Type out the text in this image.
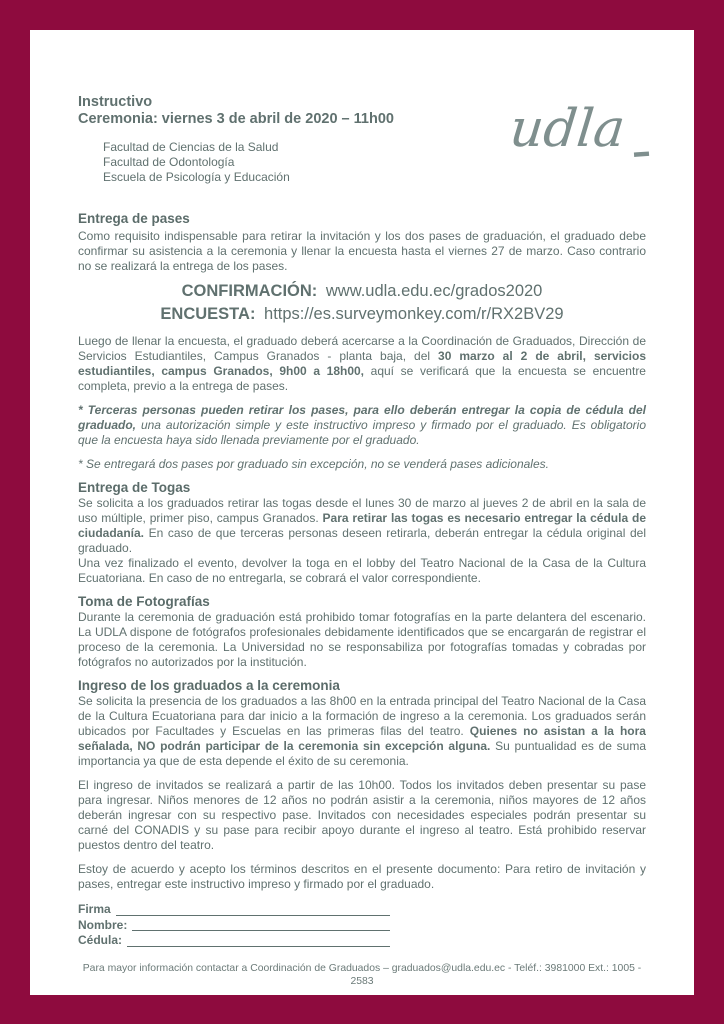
Instructivo
Ceremonia: viernes 3 de abril de 2020 – 11h00
Facultad de Ciencias de la Salud
Facultad de Odontología
Escuela de Psicología y Educación
udla
Entrega de pases

Como requisito indispensable para retirar la invitación y los dos pases de graduación, el graduado debe confirmar su asistencia a la ceremonia y llenar la encuesta hasta el viernes 27 de marzo. Caso contrario no se realizará la entrega de los pases.

CONFIRMACIÓN: www.udla.edu.ec/grados2020

ENCUESTA: https://es.surveymonkey.com/r/RX2BV29

Luego de llenar la encuesta, el graduado deberá acercarse a la Coordinación de Graduados, Dirección de Servicios Estudiantiles, Campus Granados - planta baja, del 30 marzo al 2 de abril, servicios estudiantiles, campus Granados, 9h00 a 18h00, aquí se verificará que la encuesta se encuentre completa, previo a la entrega de pases.

* Terceras personas pueden retirar los pases, para ello deberán entregar la copia de cédula del graduado, una autorización simple y este instructivo impreso y firmado por el graduado. Es obligatorio que la encuesta haya sido llenada previamente por el graduado.

* Se entregará dos pases por graduado sin excepción, no se venderá pases adicionales.

Entrega de Togas

Se solicita a los graduados retirar las togas desde el lunes 30 de marzo al jueves 2 de abril en la sala de uso múltiple, primer piso, campus Granados. Para retirar las togas es necesario entregar la cédula de ciudadanía. En caso de que terceras personas deseen retirarla, deberán entregar la cédula original del graduado.

Una vez finalizado el evento, devolver la toga en el lobby del Teatro Nacional de la Casa de la Cultura Ecuatoriana. En caso de no entregarla, se cobrará el valor correspondiente.

Toma de Fotografías

Durante la ceremonia de graduación está prohibido tomar fotografías en la parte delantera del escenario. La UDLA dispone de fotógrafos profesionales debidamente identificados que se encargarán de registrar el proceso de la ceremonia. La Universidad no se responsabiliza por fotografías tomadas y cobradas por fotógrafos no autorizados por la institución.

Ingreso de los graduados a la ceremonia

Se solicita la presencia de los graduados a las 8h00 en la entrada principal del Teatro Nacional de la Casa de la Cultura Ecuatoriana para dar inicio a la formación de ingreso a la ceremonia. Los graduados serán ubicados por Facultades y Escuelas en las primeras filas del teatro. Quienes no asistan a la hora señalada, NO podrán participar de la ceremonia sin excepción alguna. Su puntualidad es de suma importancia ya que de esta depende el éxito de su ceremonia.

El ingreso de invitados se realizará a partir de las 10h00. Todos los invitados deben presentar su pase para ingresar. Niños menores de 12 años no podrán asistir a la ceremonia, niños mayores de 12 años deberán ingresar con su respectivo pase. Invitados con necesidades especiales podrán presentar su carné del CONADIS y su pase para recibir apoyo durante el ingreso al teatro. Está prohibido reservar puestos dentro del teatro.

Estoy de acuerdo y acepto los términos descritos en el presente documento: Para retiro de invitación y pases, entregar este instructivo impreso y firmado por el graduado.

Firma
Nombre:
Cédula:
Para mayor información contactar a Coordinación de Graduados – graduados@udla.edu.ec - Teléf.: 3981000 Ext.: 1005 - 2583
